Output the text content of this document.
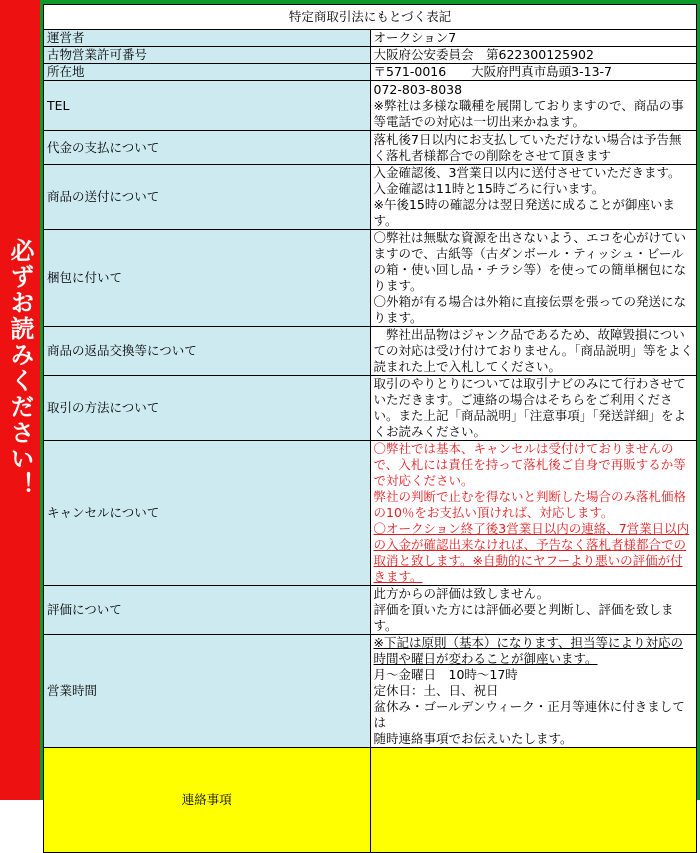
必ずお読みください！
特定商取引法にもとづく表記	
運営者	オークション7
古物営業許可番号	大阪府公安委員会　第622300125902
所在地	〒571-0016　　大阪府門真市島頭3-13-7
TEL	072-803-8038
※弊社は多様な職種を展開しておりますので、商品の事等電話での対応は一切出来かねます。

代金の支払について	落札後7日以内にお支払していただけない場合は予告無く落札者様都合での削除をさせて頂きます
商品の送付について	入金確認後、3営業日以内に送付させていただきます。
入金確認は11時と15時ごろに行います。
※午後15時の確認分は翌日発送に成ることが御座います。

梱包に付いて	〇弊社は無駄な資源を出さないよう、エコを心がけていますので、古紙等（古ダンボール・ティッシュ・ビールの箱・使い回し品・チラシ等）を使っての簡単梱包になります。
〇外箱が有る場合は外箱に直接伝票を張っての発送になります。

商品の返品交換等について	　弊社出品物はジャンク品であるため、故障毀損についての対応は受け付けておりません。「商品説明」等をよく読まれた上で入札してください。
取引の方法について	取引のやりとりについては取引ナビのみにて行わさせていただきます。ご連絡の場合はそちらをご利用ください。また上記「商品説明」「注意事項」「発送詳細」をよくお読みください。
キャンセルについて	〇弊社では基本、キャンセルは受付けておりませんので、入札には責任を持って落札後ご自身で再販するか等で対応ください。
弊社の判断で止むを得ないと判断した場合のみ落札価格の10％をお支払い頂ければ、対応します。
〇オークション終了後3営業日以内の連絡、7営業日以内の入金が確認出来なければ、予告なく落札者様都合での取消と致します。※自動的にヤフーより悪いの評価が付きます。

評価について	此方からの評価は致しません。
評価を頂いた方には評価必要と判断し、評価を致します。

営業時間	※下記は原則（基本）になります、担当等により対応の時間や曜日が変わることが御座います。
月～金曜日　10時～17時
定休日：土、日、祝日
盆休み・ゴールデンウィーク・正月等連休に付きましては
随時連絡事項でお伝えいたします。

連絡事項	
